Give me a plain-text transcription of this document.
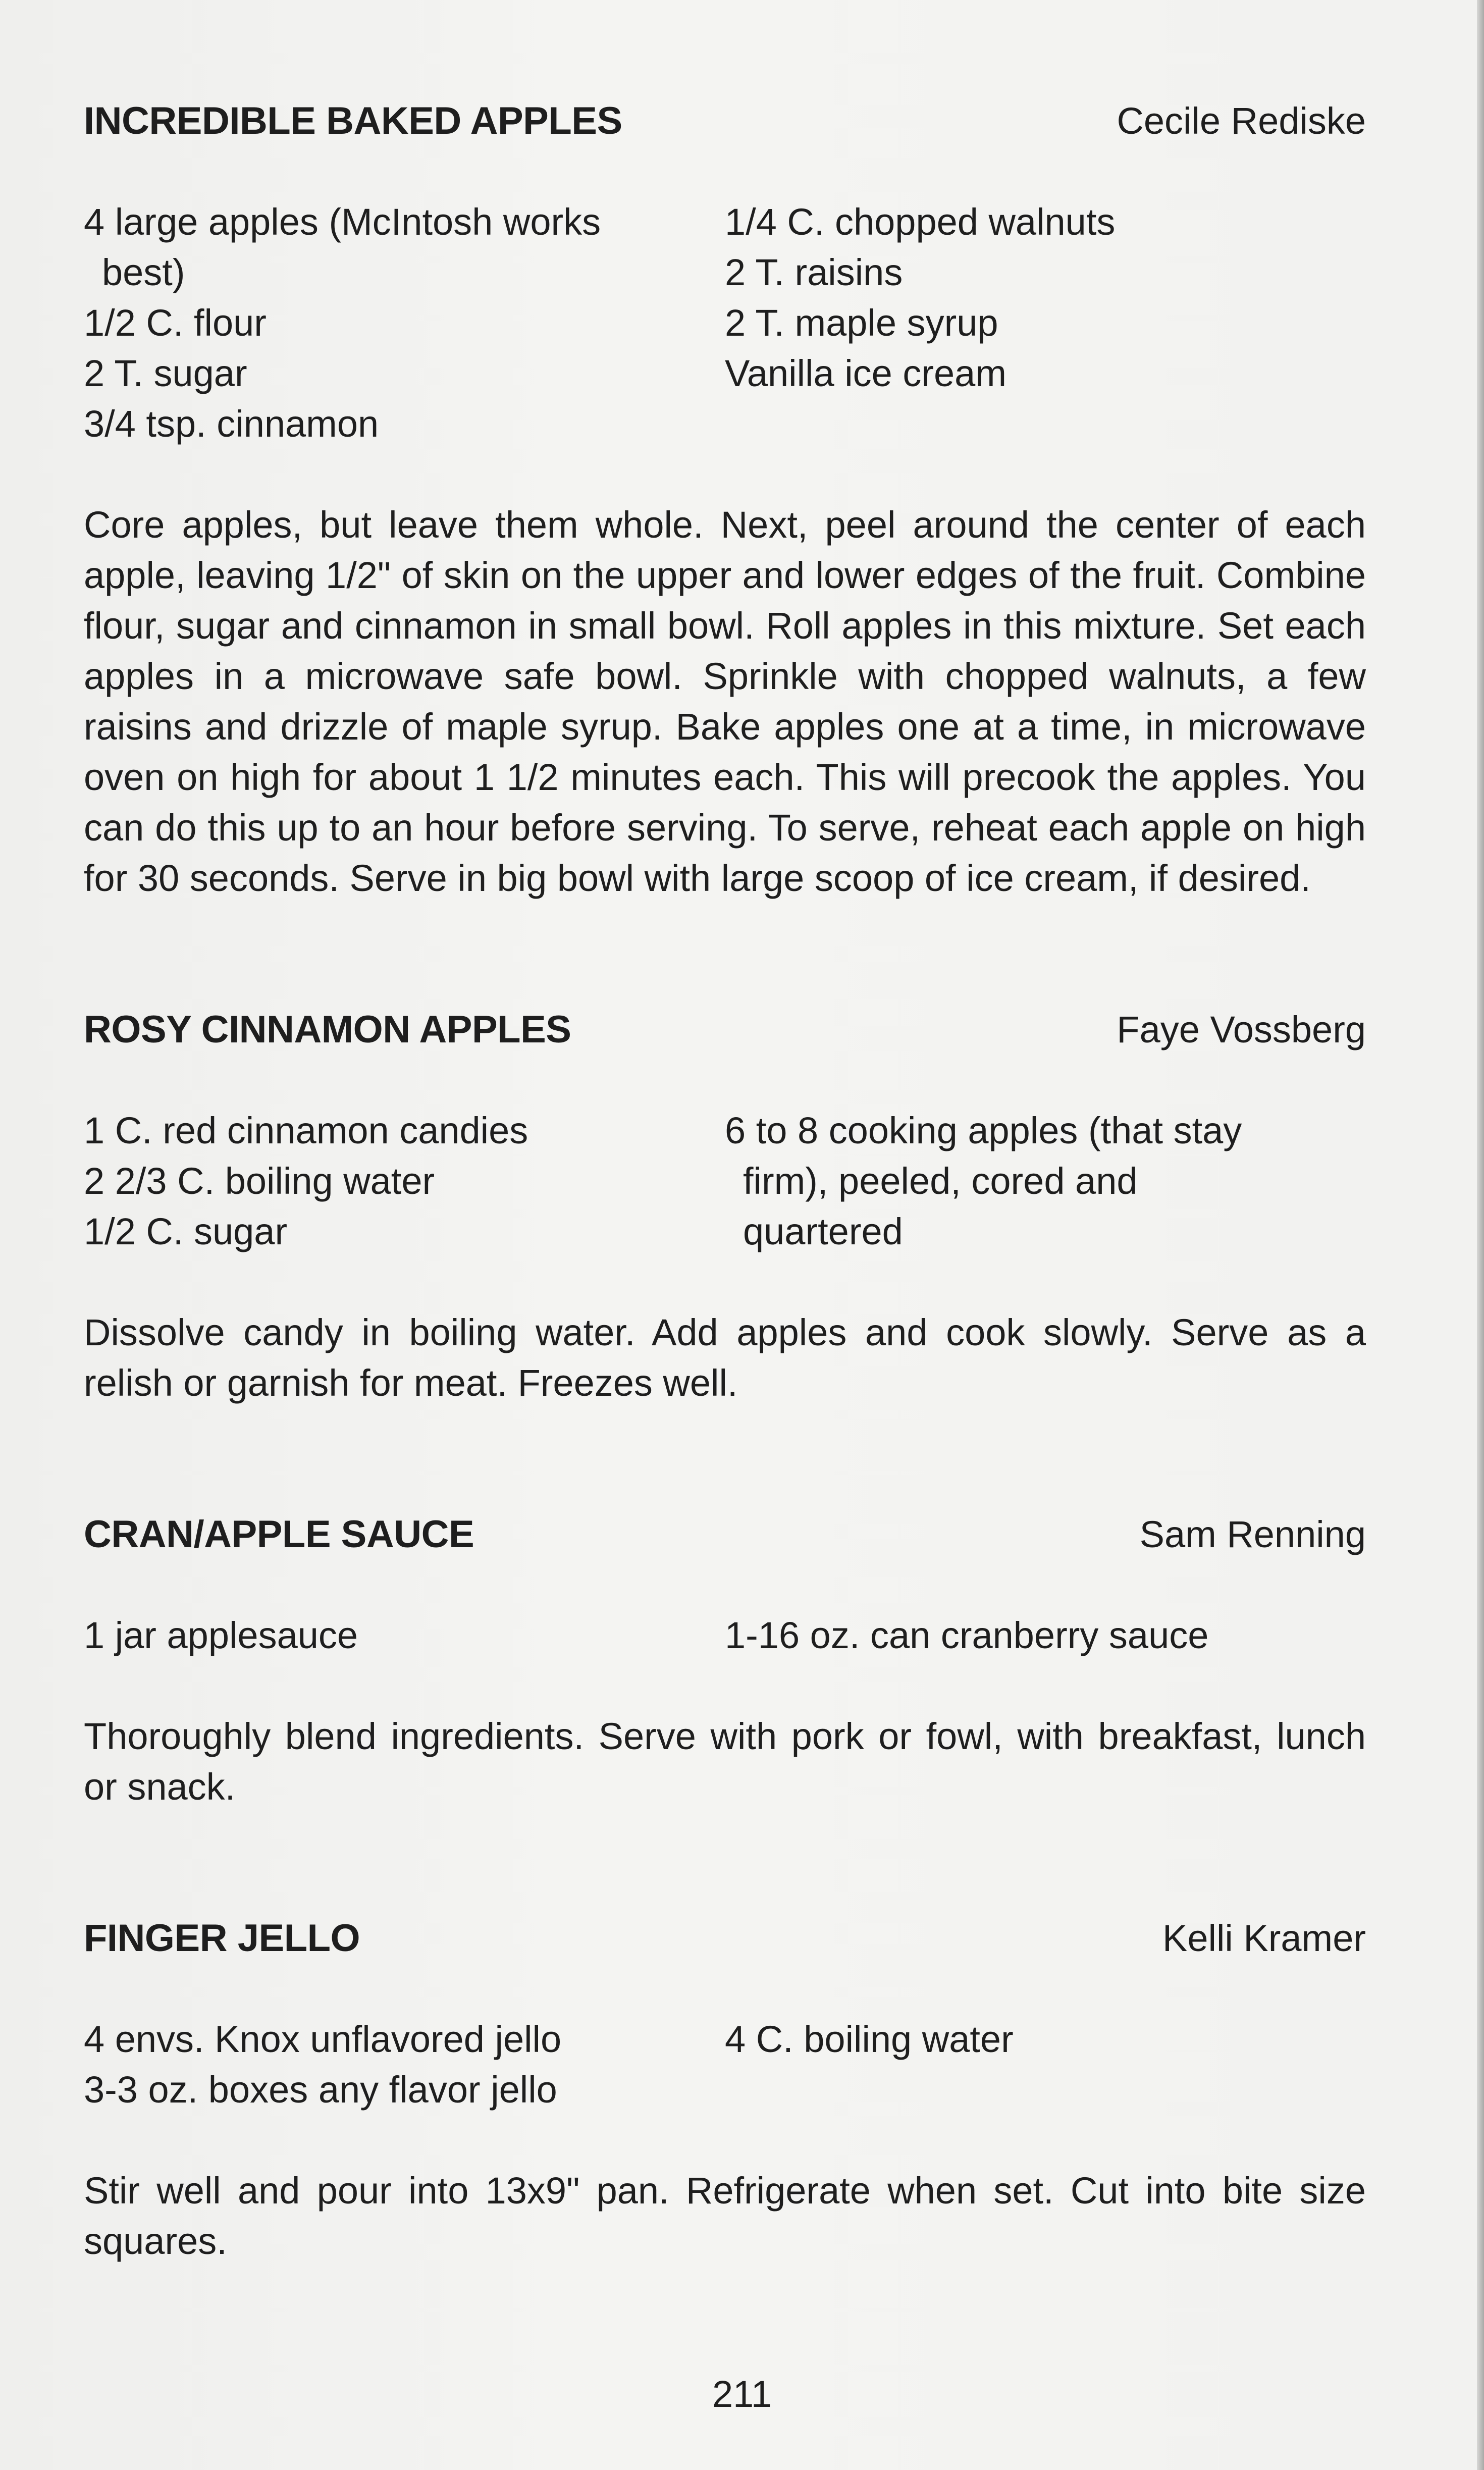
INCREDIBLE BAKED APPLES	Cecile Rediske
4 large apples (McIntosh works
best)
1/2 C. flour
2 T. sugar
3/4 tsp. cinnamon
1/4 C. chopped walnuts
2 T. raisins
2 T. maple syrup
Vanilla ice cream
Core apples, but leave them whole. Next, peel around the center of each apple, leaving 1/2" of skin on the upper and lower edges of the fruit. Combine flour, sugar and cinnamon in small bowl. Roll apples in this mixture. Set each apples in a microwave safe bowl. Sprinkle with chopped walnuts, a few raisins and drizzle of maple syrup. Bake apples one at a time, in microwave oven on high for about 1 1/2 minutes each. This will precook the apples. You can do this up to an hour before serving. To serve, reheat each apple on high for 30 seconds. Serve in big bowl with large scoop of ice cream, if desired.
ROSY CINNAMON APPLES	Faye Vossberg
1 C. red cinnamon candies
2 2/3 C. boiling water
1/2 C. sugar
6 to 8 cooking apples (that stay
firm), peeled, cored and
quartered
Dissolve candy in boiling water. Add apples and cook slowly. Serve as a relish or garnish for meat. Freezes well.
CRAN/APPLE SAUCE	Sam Renning
1 jar applesauce	1-16 oz. can cranberry sauce
Thoroughly blend ingredients. Serve with pork or fowl, with breakfast, lunch or snack.
FINGER JELLO	Kelli Kramer
4 envs. Knox unflavored jello
3-3 oz. boxes any flavor jello
4 C. boiling water
Stir well and pour into 13x9" pan. Refrigerate when set. Cut into bite size squares.
211
